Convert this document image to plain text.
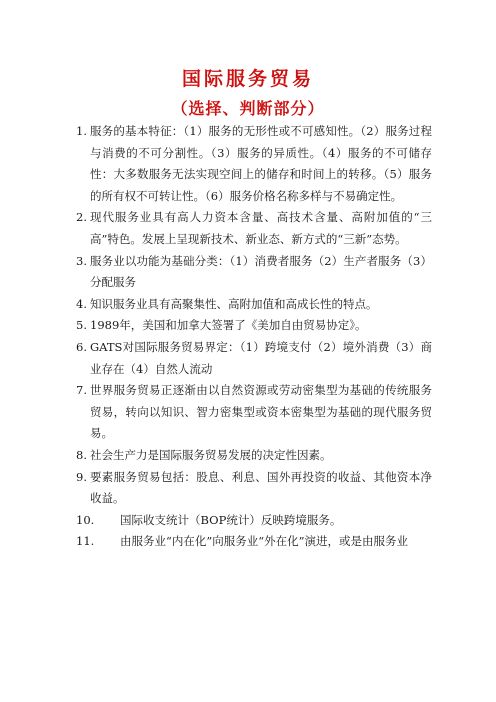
国际服务贸易
（选择、判断部分）
1. 服务的基本特征：（1）服务的无形性或不可感知性。（2）服务过程与消费的不可分割性。（3）服务的异质性。（4）服务的不可储存性：大多数服务无法实现空间上的储存和时间上的转移。（5）服务的所有权不可转让性。（6）服务价格名称多样与不易确定性。
2. 现代服务业具有高人力资本含量、高技术含量、高附加值的“三高”特色。发展上呈现新技术、新业态、新方式的“三新”态势。
3. 服务业以功能为基础分类：（1）消费者服务（2）生产者服务（3）分配服务
4. 知识服务业具有高聚集性、高附加值和高成长性的特点。
5. 1989年，美国和加拿大签署了《美加自由贸易协定》。
6. GATS对国际服务贸易界定：（1）跨境支付（2）境外消费（3）商业存在（4）自然人流动
7. 世界服务贸易正逐渐由以自然资源或劳动密集型为基础的传统服务贸易，转向以知识、智力密集型或资本密集型为基础的现代服务贸易。
8. 社会生产力是国际服务贸易发展的决定性因素。
9. 要素服务贸易包括：股息、利息、国外再投资的收益、其他资本净收益。
10. 国际收支统计（BOP统计）反映跨境服务。
11. 由服务业“内在化”向服务业“外在化”演进，或是由服务业
